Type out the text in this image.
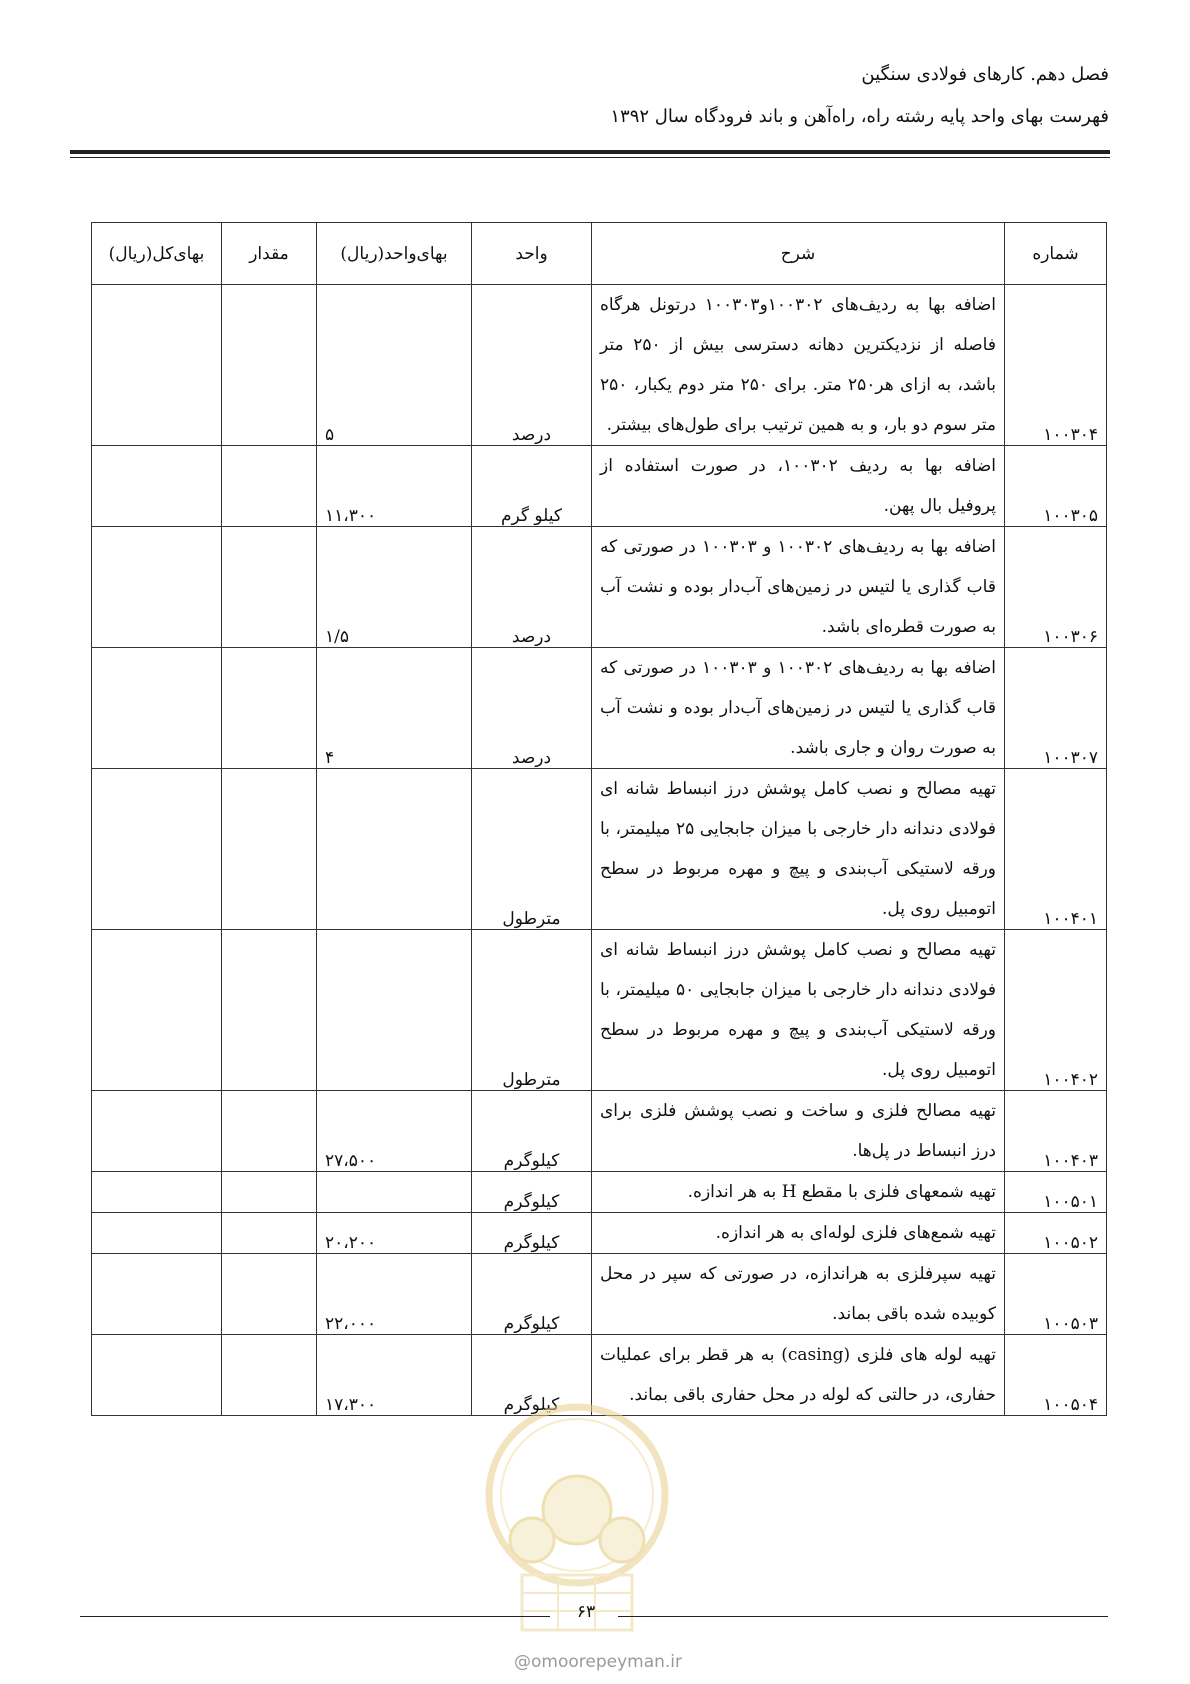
فصل دهم. کارهای فولادی سنگین
فهرست بهای واحد پایه رشته راه، راه‌آهن و باند فرودگاه سال ۱۳۹۲
شماره	شرح	واحد	بهای‌واحد(ریال)	مقدار	بهای‌کل(ریال)
۱۰۰۳۰۴	اضافه بها به ردیف‌های ۱۰۰۳۰۲و۱۰۰۳۰۳ درتونل هرگاه فاصله از نزدیکترین دهانه دسترسی بیش از ۲۵۰ متر باشد، به ازای هر۲۵۰ متر. برای ۲۵۰ متر دوم یکبار، ۲۵۰ متر سوم دو بار، و به همین ترتیب برای طول‌های بیشتر.	درصد	۵		
۱۰۰۳۰۵	اضافه بها به ردیف ۱۰۰۳۰۲، در صورت استفاده از پروفیل بال پهن.	کیلو گرم	۱۱،۳۰۰		
۱۰۰۳۰۶	اضافه بها به ردیف‌های ۱۰۰۳۰۲ و ۱۰۰۳۰۳ در صورتی که قاب گذاری یا لتیس در زمین‌های آب‌دار بوده و نشت آب به صورت قطره‌ای باشد.	درصد	۱/۵		
۱۰۰۳۰۷	اضافه بها به ردیف‌های ۱۰۰۳۰۲ و ۱۰۰۳۰۳ در صورتی که قاب گذاری یا لتیس در زمین‌های آب‌دار بوده و نشت آب به صورت روان و جاری باشد.	درصد	۴		
۱۰۰۴۰۱	تهیه مصالح و نصب کامل پوشش درز انبساط شانه ای فولادی دندانه دار خارجی با میزان جابجایی ۲۵ میلیمتر، با ورقه لاستیکی آب‌بندی و پیچ و مهره مربوط در سطح اتومبیل روی پل.	مترطول			
۱۰۰۴۰۲	تهیه مصالح و نصب کامل پوشش درز انبساط شانه ای فولادی دندانه دار خارجی با میزان جابجایی ۵۰ میلیمتر، با ورقه لاستیکی آب‌بندی و پیچ و مهره مربوط در سطح اتومبیل روی پل.	مترطول			
۱۰۰۴۰۳	تهیه مصالح فلزی و ساخت و نصب پوشش فلزی برای درز انبساط در پل‌ها.	کیلوگرم	۲۷،۵۰۰		
۱۰۰۵۰۱	تهیه شمعهای فلزی با مقطع H به هر اندازه.	کیلوگرم			
۱۰۰۵۰۲	تهیه شمع‌های فلزی لوله‌ای به هر اندازه.	کیلوگرم	۲۰،۲۰۰		
۱۰۰۵۰۳	تهیه سپرفلزی به هراندازه، در صورتی که سپر در محل کوبیده شده باقی بماند.	کیلوگرم	۲۲،۰۰۰		
۱۰۰۵۰۴	تهیه لوله های فلزی (casing) به هر قطر برای عملیات حفاری، در حالتی که لوله در محل حفاری باقی بماند.	کیلوگرم	۱۷،۳۰۰		
۶۳
@omoorepeyman.ir
